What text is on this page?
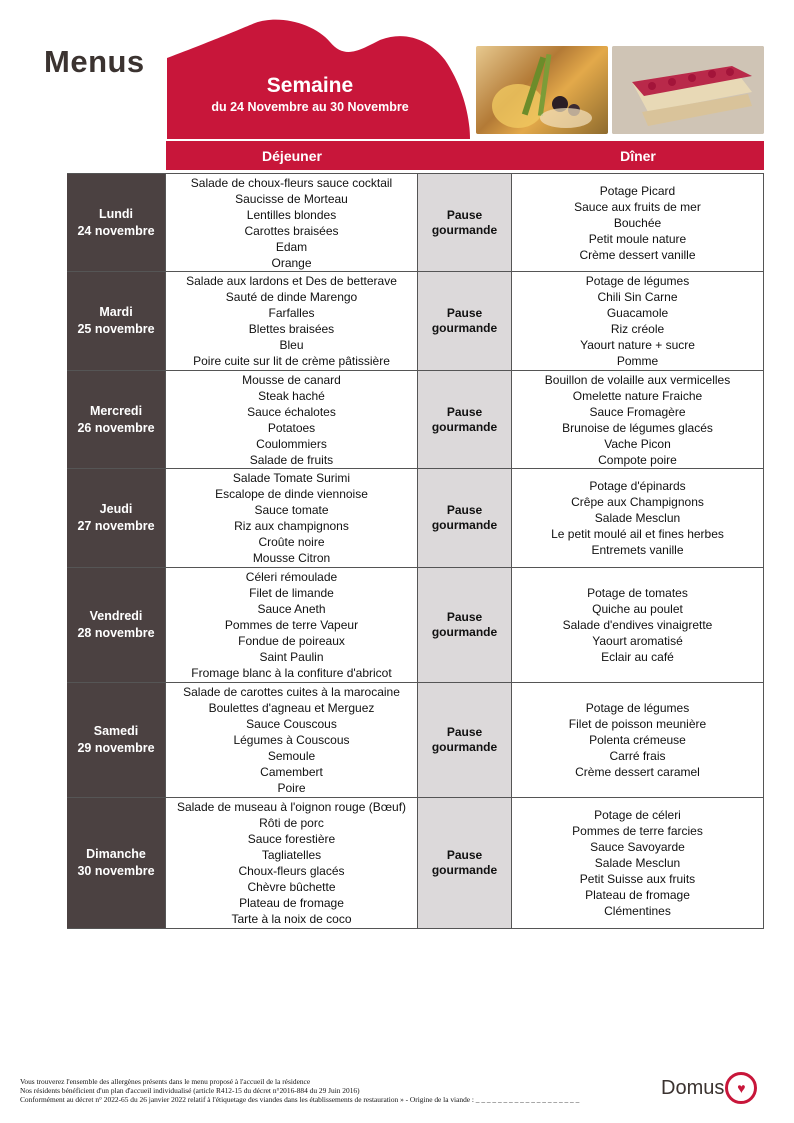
Menus
Semaine
du 24 Novembre au 30 Novembre
Déjeuner	Dîner
Lundi
24 novembre
Salade de choux-fleurs sauce cocktail
Saucisse de Morteau
Lentilles blondes
Carottes braisées
Edam
Orange
Pause
gourmande
Potage Picard
Sauce aux fruits de mer
Bouchée
Petit moule nature
Crème dessert vanille
Mardi
25 novembre
Salade aux lardons et Des de betterave
Sauté de dinde Marengo
Farfalles
Blettes braisées
Bleu
Poire cuite sur lit de crème pâtissière
Pause
gourmande
Potage de légumes
Chili Sin Carne
Guacamole
Riz créole
Yaourt nature + sucre
Pomme
Mercredi
26 novembre
Mousse de canard
Steak haché
Sauce échalotes
Potatoes
Coulommiers
Salade de fruits
Pause
gourmande
Bouillon de volaille aux vermicelles
Omelette nature Fraiche
Sauce Fromagère
Brunoise de légumes glacés
Vache Picon
Compote poire
Jeudi
27 novembre
Salade Tomate Surimi
Escalope de dinde viennoise
Sauce tomate
Riz aux champignons
Croûte noire
Mousse Citron
Pause
gourmande
Potage d'épinards
Crêpe aux Champignons
Salade Mesclun
Le petit moulé ail et fines herbes
Entremets vanille
Vendredi
28 novembre
Céleri rémoulade
Filet de limande
Sauce Aneth
Pommes de terre Vapeur
Fondue de poireaux
Saint Paulin
Fromage blanc à la confiture d'abricot
Pause
gourmande
Potage de tomates
Quiche au poulet
Salade d'endives vinaigrette
Yaourt aromatisé
Eclair au café
Samedi
29 novembre
Salade de carottes cuites à la marocaine
Boulettes d'agneau et Merguez
Sauce Couscous
Légumes à Couscous
Semoule
Camembert
Poire
Pause
gourmande
Potage de légumes
Filet de poisson meunière
Polenta crémeuse
Carré frais
Crème dessert caramel
Dimanche
30 novembre
Salade de museau à l'oignon rouge (Bœuf)
Rôti de porc
Sauce forestière
Tagliatelles
Choux-fleurs glacés
Chèvre bûchette
Plateau de fromage
Tarte à la noix de coco
Pause
gourmande
Potage de céleri
Pommes de terre farcies
Sauce Savoyarde
Salade Mesclun
Petit Suisse aux fruits
Plateau de fromage
Clémentines
Vous trouverez l'ensemble des allergènes présents dans le menu proposé à l'accueil de la résidence
Nos résidents bénéficient d'un plan d'accueil individualisé (article R412-15 du décret n°2016-884 du 29 Juin 2016)
Conformément au décret n° 2022-65 du 26 janvier 2022 relatif à l'étiquetage des viandes dans les établissements de restauration » - Origine de la viande : _ _ _ _ _ _ _ _ _ _ _ _ _ _ _ _ _ _ _
Domus ♥
